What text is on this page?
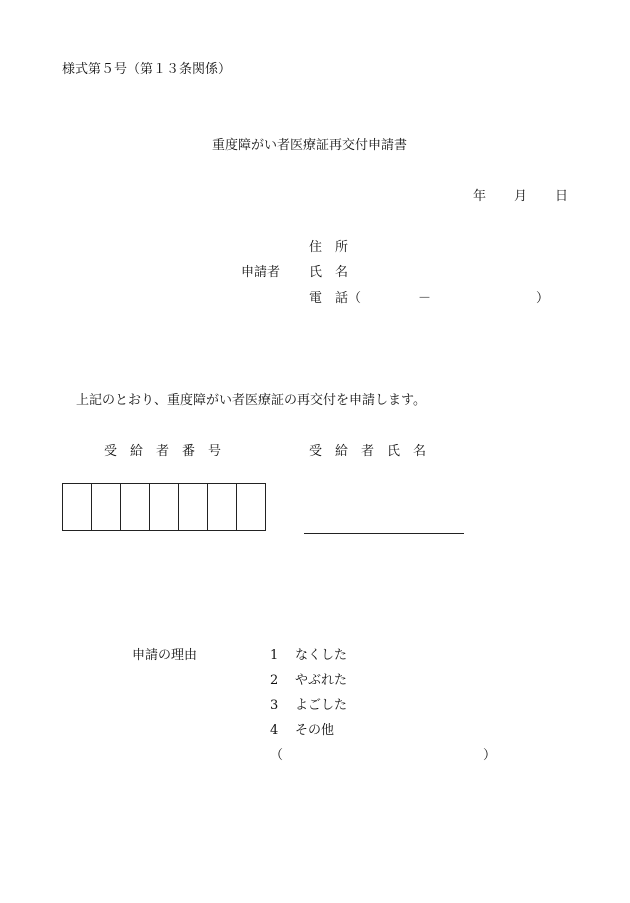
様式第５号（第１３条関係）
重度障がい者医療証再交付申請書
年 月 日
住　所
申請者 氏　名
電　話（	－	）
上記のとおり、重度障がい者医療証の再交付を申請します。
受給者番号	受給者氏名
申請の理由	1 なくした
2 やぶれた
3 よごした
4 その他
（	）
